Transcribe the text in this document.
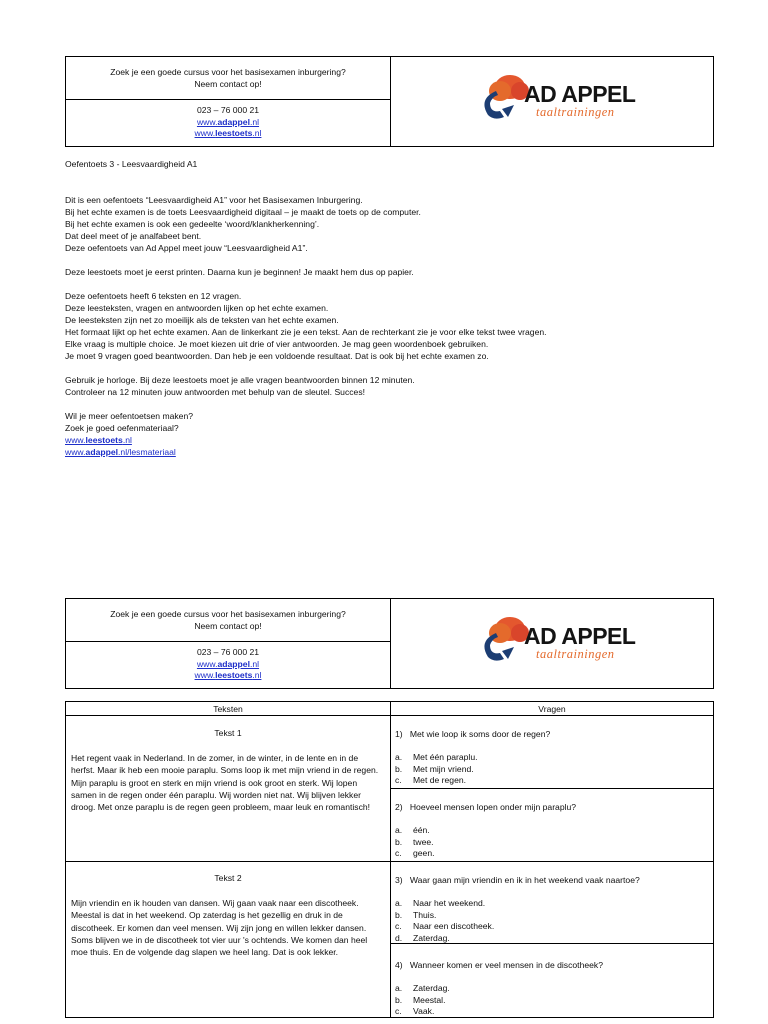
Zoek je een goede cursus voor het basisexamen inburgering?
Neem contact op!
023 – 76 000 21
www.adappel.nl
www.leestoets.nl
AD APPEL
taaltrainingen
Oefentoets 3 - Leesvaardigheid A1

Dit is een oefentoets “Leesvaardigheid A1” voor het Basisexamen Inburgering.

Bij het echte examen is de toets Leesvaardigheid digitaal – je maakt de toets op de computer.

Bij het echte examen is ook een gedeelte ‘woord/klankherkenning’.

Dat deel meet of je analfabeet bent.

Deze oefentoets van Ad Appel meet jouw “Leesvaardigheid A1”.

Deze leestoets moet je eerst printen. Daarna kun je beginnen! Je maakt hem dus op papier.

Deze oefentoets heeft 6 teksten en 12 vragen.

Deze leesteksten, vragen en antwoorden lijken op het echte examen.

De leesteksten zijn net zo moeilijk als de teksten van het echte examen.

Het formaat lijkt op het echte examen. Aan de linkerkant zie je een tekst. Aan de rechterkant zie je voor elke tekst twee vragen.

Elke vraag is multiple choice. Je moet kiezen uit drie of vier antwoorden. Je mag geen woordenboek gebruiken.

Je moet 9 vragen goed beantwoorden. Dan heb je een voldoende resultaat. Dat is ook bij het echte examen zo.

Gebruik je horloge. Bij deze leestoets moet je alle vragen beantwoorden binnen 12 minuten.

Controleer na 12 minuten jouw antwoorden met behulp van de sleutel. Succes!

Wil je meer oefentoetsen maken?

Zoek je goed oefenmateriaal?

www.leestoets.nl

www.adappel.nl/lesmateriaal

Zoek je een goede cursus voor het basisexamen inburgering?
Neem contact op!
023 – 76 000 21
www.adappel.nl
www.leestoets.nl
AD APPEL
taaltrainingen
Teksten	Vragen
Tekst 1
Het regent vaak in Nederland. In de zomer, in de winter, in de lente en in de herfst. Maar ik heb een mooie paraplu. Soms loop ik met mijn vriend in de regen. Mijn paraplu is groot en sterk en mijn vriend is ook groot en sterk. Wij lopen samen in de regen onder één paraplu. Wij worden niet nat. Wij blijven lekker droog. Met onze paraplu is de regen geen probleem, maar leuk en romantisch!
Tekst 2
Mijn vriendin en ik houden van dansen. Wij gaan vaak naar een discotheek. Meestal is dat in het weekend. Op zaterdag is het gezellig en druk in de discotheek. Er komen dan veel mensen. Wij zijn jong en willen lekker dansen. Soms blijven we in de discotheek tot vier uur 's ochtends. We komen dan heel moe thuis. En de volgende dag slapen we heel lang. Dat is ook lekker.
1) Met wie loop ik soms door de regen?
a. Met één paraplu.
b. Met mijn vriend.
c. Met de regen.
2) Hoeveel mensen lopen onder mijn paraplu?
a. één.
b. twee.
c. geen.
3) Waar gaan mijn vriendin en ik in het weekend vaak naartoe?
a. Naar het weekend.
b. Thuis.
c. Naar een discotheek.
d. Zaterdag.
4) Wanneer komen er veel mensen in de discotheek?
a. Zaterdag.
b. Meestal.
c. Vaak.
